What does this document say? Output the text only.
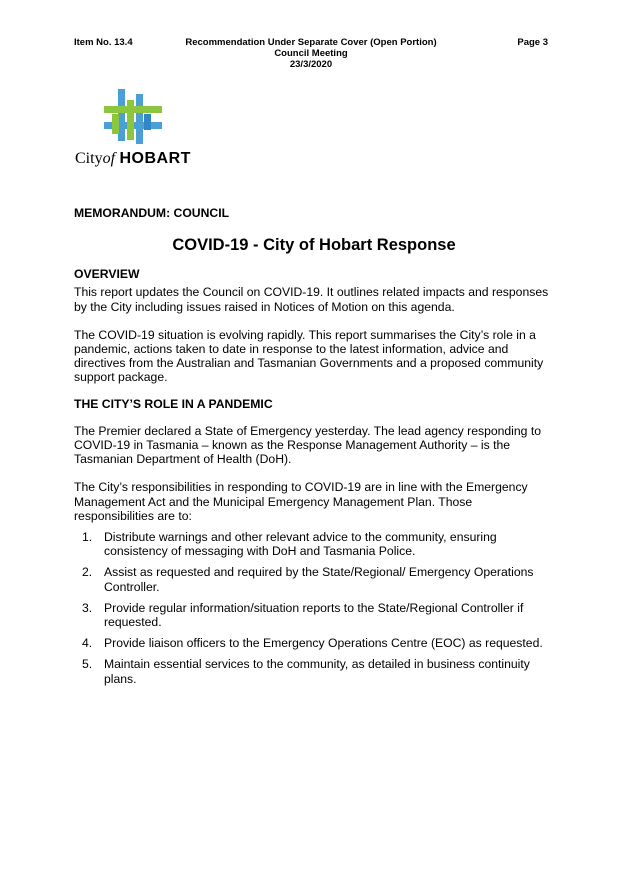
Item No. 13.4	Recommendation Under Separate Cover (Open Portion)
Council Meeting
23/3/2020
Page 3
Cityof HOBART
MEMORANDUM: COUNCIL
COVID-19 - City of Hobart Response
OVERVIEW

This report updates the Council on COVID-19. It outlines related impacts and responses by the City including issues raised in Notices of Motion on this agenda.

The COVID-19 situation is evolving rapidly. This report summarises the City’s role in a pandemic, actions taken to date in response to the latest information, advice and directives from the Australian and Tasmanian Governments and a proposed community support package.

THE CITY’S ROLE IN A PANDEMIC

The Premier declared a State of Emergency yesterday. The lead agency responding to COVID-19 in Tasmania – known as the Response Management Authority – is the Tasmanian Department of Health (DoH).

The City’s responsibilities in responding to COVID-19 are in line with the Emergency Management Act and the Municipal Emergency Management Plan. Those responsibilities are to:

1. Distribute warnings and other relevant advice to the community, ensuring consistency of messaging with DoH and Tasmania Police.
2. Assist as requested and required by the State/Regional/ Emergency Operations Controller.
3. Provide regular information/situation reports to the State/Regional Controller if requested.
4. Provide liaison officers to the Emergency Operations Centre (EOC) as requested.
5. Maintain essential services to the community, as detailed in business continuity plans.
